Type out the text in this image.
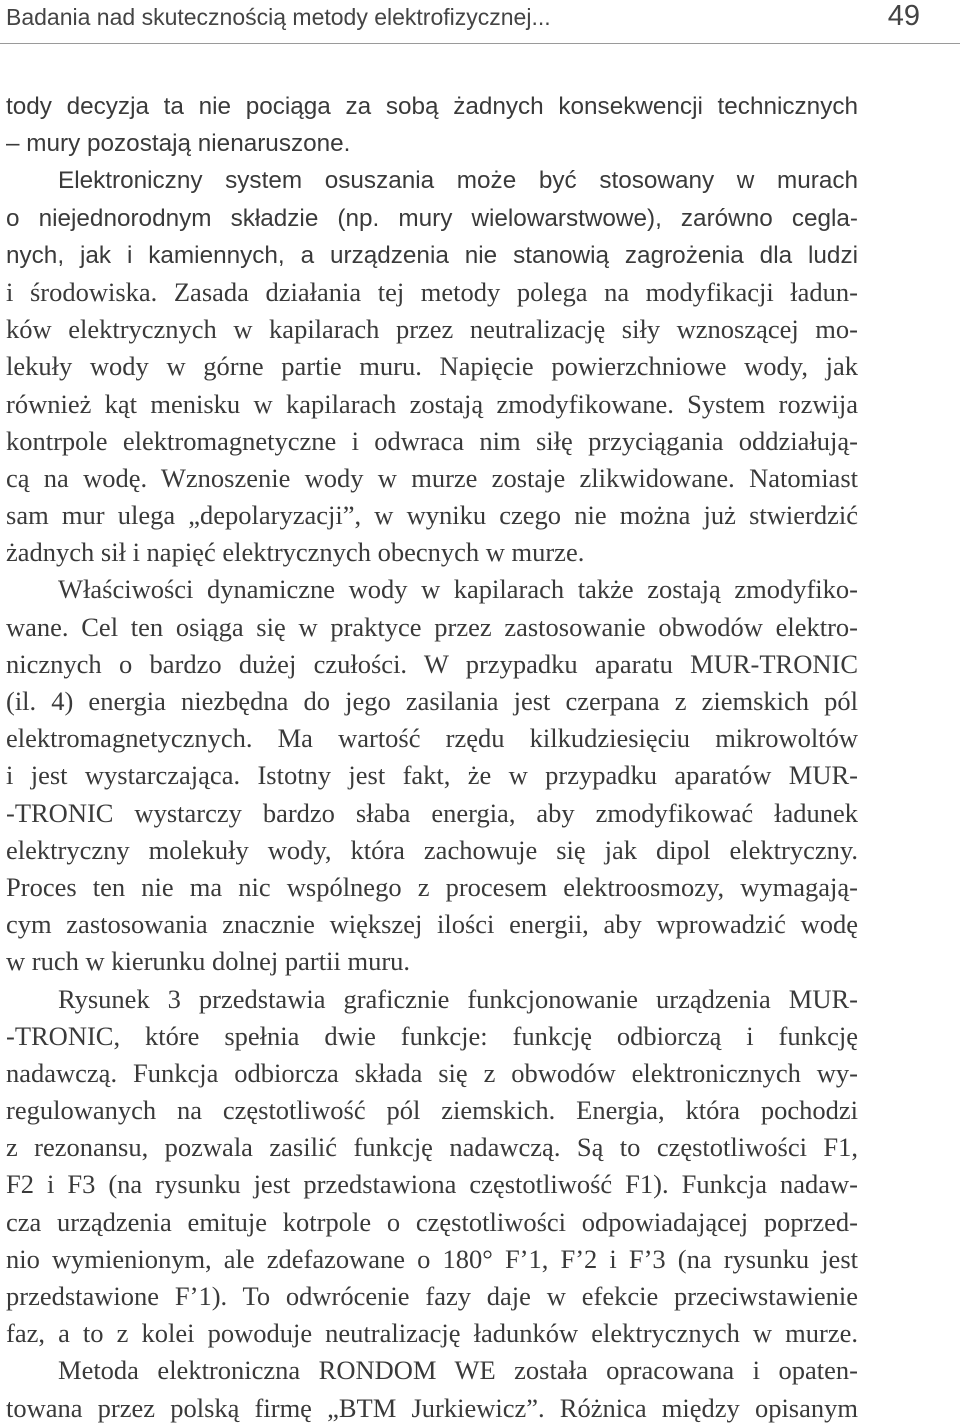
Badania nad skutecznością metody elektrofizycznej...	49
tody decyzja ta nie pociąga za sobą żadnych konsekwencji technicznych
– mury pozostają nienaruszone.
Elektroniczny system osuszania może być stosowany w murach
o niejednorodnym składzie (np. mury wielowarstwowe), zarówno cegla-
nych, jak i kamiennych, a urządzenia nie stanowią zagrożenia dla ludzi
i środowiska. Zasada działania tej metody polega na modyfikacji ładun-
ków elektrycznych w kapilarach przez neutralizację siły wznoszącej mo-
lekuły wody w górne partie muru. Napięcie powierzchniowe wody, jak
również kąt menisku w kapilarach zostają zmodyfikowane. System rozwija
kontrpole elektromagnetyczne i odwraca nim siłę przyciągania oddziałują-
cą na wodę. Wznoszenie wody w murze zostaje zlikwidowane. Natomiast
sam mur ulega „depolaryzacji”, w wyniku czego nie można już stwierdzić
żadnych sił i napięć elektrycznych obecnych w murze.
Właściwości dynamiczne wody w kapilarach także zostają zmodyfiko-
wane. Cel ten osiąga się w praktyce przez zastosowanie obwodów elektro-
nicznych o bardzo dużej czułości. W przypadku aparatu MUR-TRONIC
(il. 4) energia niezbędna do jego zasilania jest czerpana z ziemskich pól
elektromagnetycznych. Ma wartość rzędu kilkudziesięciu mikrowoltów
i jest wystarczająca. Istotny jest fakt, że w przypadku aparatów MUR-
-TRONIC wystarczy bardzo słaba energia, aby zmodyfikować ładunek
elektryczny molekuły wody, która zachowuje się jak dipol elektryczny.
Proces ten nie ma nic wspólnego z procesem elektroosmozy, wymagają-
cym zastosowania znacznie większej ilości energii, aby wprowadzić wodę
w ruch w kierunku dolnej partii muru.
Rysunek 3 przedstawia graficznie funkcjonowanie urządzenia MUR-
-TRONIC, które spełnia dwie funkcje: funkcję odbiorczą i funkcję
nadawczą. Funkcja odbiorcza składa się z obwodów elektronicznych wy-
regulowanych na częstotliwość pól ziemskich. Energia, która pochodzi
z rezonansu, pozwala zasilić funkcję nadawczą. Są to częstotliwości F1,
F2 i F3 (na rysunku jest przedstawiona częstotliwość F1). Funkcja nadaw-
cza urządzenia emituje kotrpole o częstotliwości odpowiadającej poprzed-
nio wymienionym, ale zdefazowane o 180° F’1, F’2 i F’3 (na rysunku jest
przedstawione F’1). To odwrócenie fazy daje w efekcie przeciwstawienie
faz, a to z kolei powoduje neutralizację ładunków elektrycznych w murze.
Metoda elektroniczna RONDOM WE została opracowana i opaten-
towana przez polską firmę „BTM Jurkiewicz”. Różnica między opisanym
